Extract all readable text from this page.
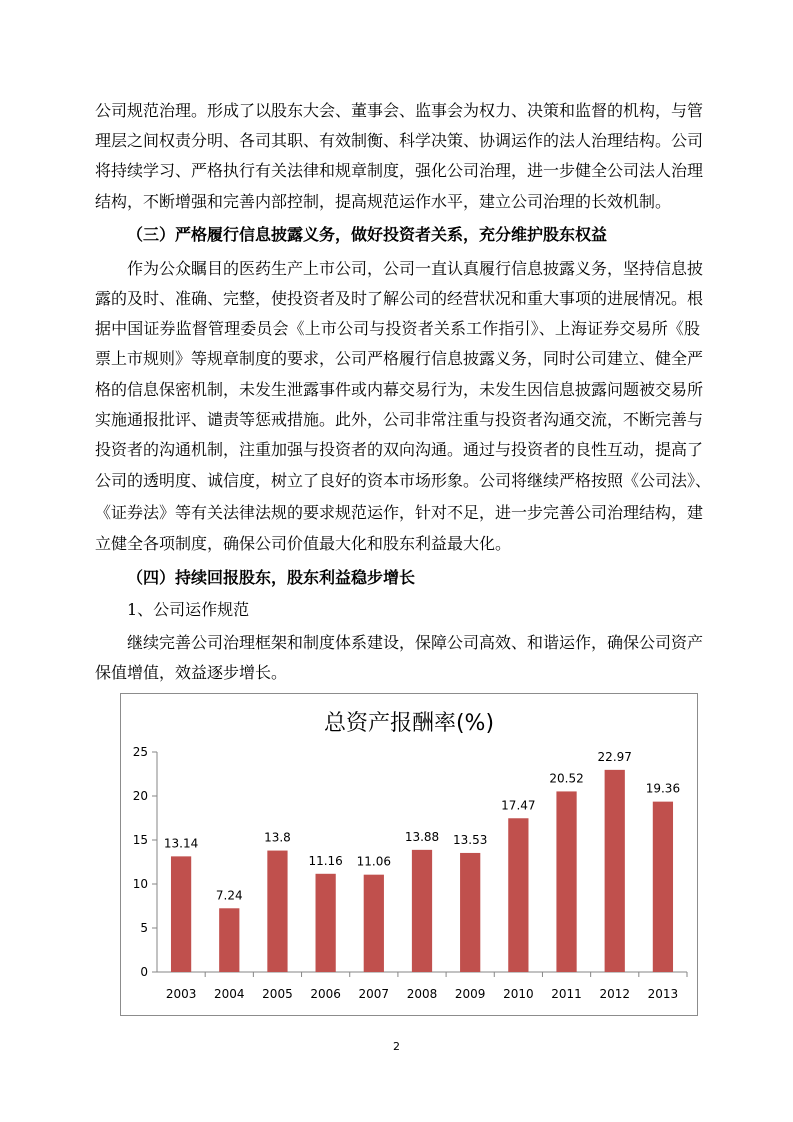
公司规范治理。形成了以股东大会、董事会、监事会为权力、决策和监督的机构，与管
理层之间权责分明、各司其职、有效制衡、科学决策、协调运作的法人治理结构。公司
将持续学习、严格执行有关法律和规章制度，强化公司治理，进一步健全公司法人治理
结构，不断增强和完善内部控制，提高规范运作水平，建立公司治理的长效机制。
（三）严格履行信息披露义务，做好投资者关系，充分维护股东权益
作为公众瞩目的医药生产上市公司，公司一直认真履行信息披露义务，坚持信息披
露的及时、准确、完整，使投资者及时了解公司的经营状况和重大事项的进展情况。根
据中国证券监督管理委员会《上市公司与投资者关系工作指引》、上海证券交易所《股
票上市规则》等规章制度的要求，公司严格履行信息披露义务，同时公司建立、健全严
格的信息保密机制，未发生泄露事件或内幕交易行为，未发生因信息披露问题被交易所
实施通报批评、谴责等惩戒措施。此外，公司非常注重与投资者沟通交流，不断完善与
投资者的沟通机制，注重加强与投资者的双向沟通。通过与投资者的良性互动，提高了
公司的透明度、诚信度，树立了良好的资本市场形象。公司将继续严格按照《公司法》、
《证券法》等有关法律法规的要求规范运作，针对不足，进一步完善公司治理结构，建
立健全各项制度，确保公司价值最大化和股东利益最大化。
（四）持续回报股东，股东利益稳步增长
1、公司运作规范
继续完善公司治理框架和制度体系建设，保障公司高效、和谐运作，确保公司资产
保值增值，效益逐步增长。
总资产报酬率(%)
13.14
7.24
13.8
11.16 11.06
13.88 13.53
17.47
20.52
22.97
19.36
2003 2004 2005 2006 2007 2008 2009 2010 2011 2012 2013
0
5
10
15
20
25
2
